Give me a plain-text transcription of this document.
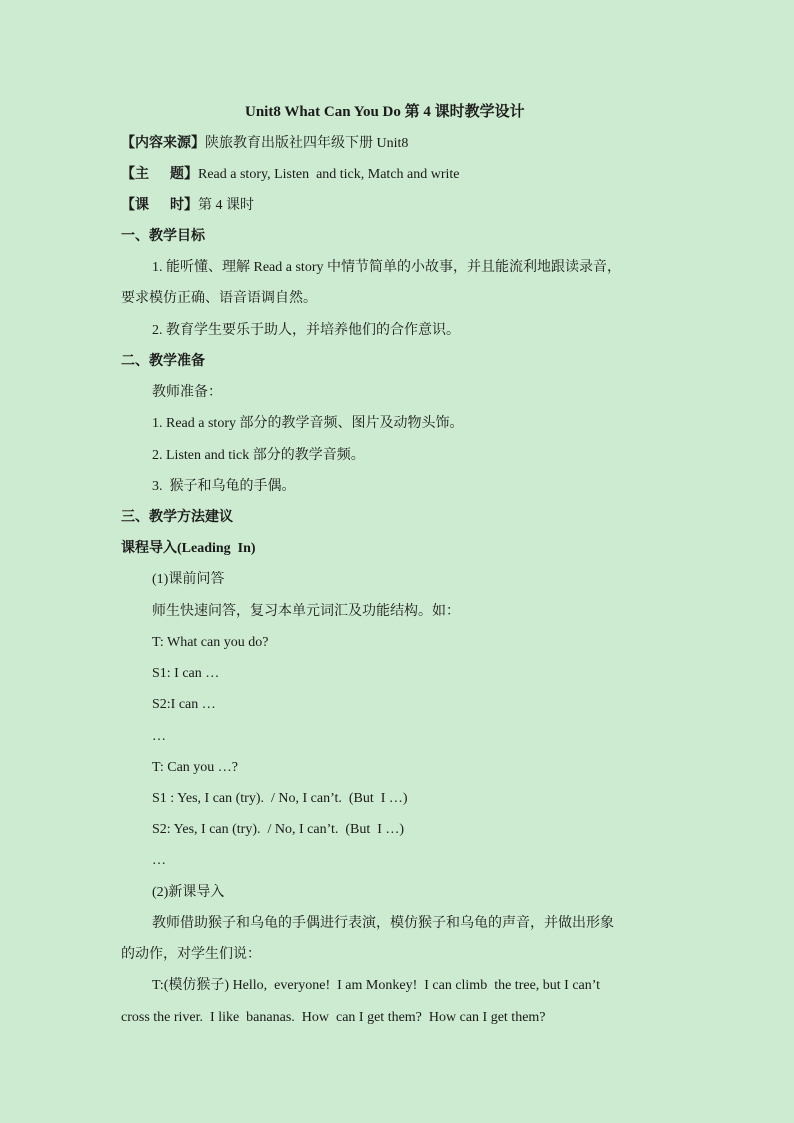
Unit8 What Can You Do 第 4 课时教学设计
【内容来源】陕旅教育出版社四年级下册 Unit8
【主      题】Read a story, Listen  and tick, Match and write
【课      时】第 4 课时
一、教学目标
1. 能听懂、理解 Read a story 中情节简单的小故事，并且能流利地跟读录音，
要求模仿正确、语音语调自然。
2. 教育学生要乐于助人，并培养他们的合作意识。
二、教学准备
教师准备：
1. Read a story 部分的教学音频、图片及动物头饰。
2. Listen and tick 部分的教学音频。
3.  猴子和乌龟的手偶。
三、教学方法建议
课程导入(Leading  In)
(1)课前问答
师生快速问答，复习本单元词汇及功能结构。如：
T: What can you do?
S1: I can …
S2:I can …
…
T: Can you …?
S1 : Yes, I can (try).  / No, I can’t.  (But  I …)
S2: Yes, I can (try).  / No, I can’t.  (But  I …)
…
(2)新课导入
教师借助猴子和乌龟的手偶进行表演，模仿猴子和乌龟的声音，并做出形象
的动作，对学生们说：
T:(模仿猴子) Hello,  everyone!  I am Monkey!  I can climb  the tree, but I can’t
cross the river.  I like  bananas.  How  can I get them?  How can I get them?
